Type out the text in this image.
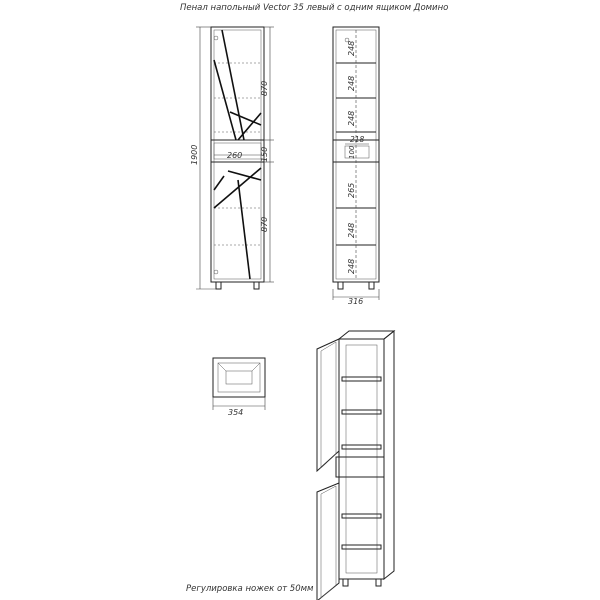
Пенал напольный Vector 35 левый с одним ящиком Домино
1900
870
150
870
260
248
248
248
100
265
248
248
218
316
354
Регулировка ножек от 50мм
